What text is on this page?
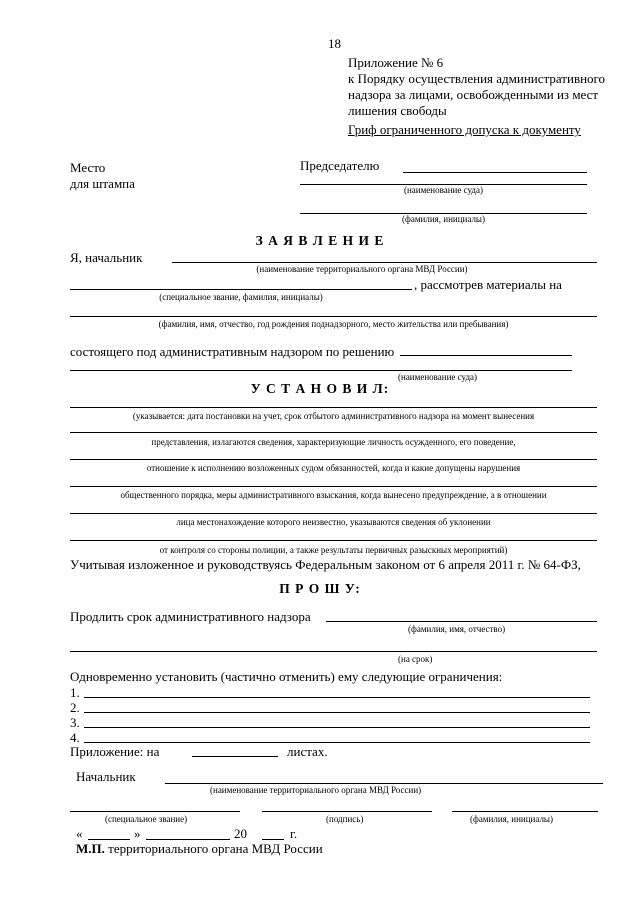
18
Приложение № 6
к Порядку осуществления административного
надзора за лицами, освобожденными из мест
лишения свободы
Гриф ограниченного допуска к документу
Место
для штампа
Председателю
(наименование суда)
(фамилия, инициалы)
З А Я В Л Е Н И Е
Я, начальник
(наименование территориального органа МВД России)
, рассмотрев материалы на
(специальное звание, фамилия, инициалы)
(фамилия, имя, отчество, год рождения поднадзорного, место жительства или пребывания)
состоящего под административным надзором по решению
(наименование суда)
У С Т А Н О В И Л:
(указывается: дата постановки на учет, срок отбытого административного надзора на момент вынесения
представления, излагаются сведения, характеризующие личность осужденного, его поведение,
отношение к исполнению возложенных судом обязанностей, когда и какие допущены нарушения
общественного порядка, меры административного взыскания, когда вынесено предупреждение, а в отношении
лица местонахождение которого неизвестно, указываются сведения об уклонении
от контроля со стороны полиции, а также результаты первичных разыскных мероприятий)
Учитывая изложенное и руководствуясь Федеральным законом от 6 апреля 2011 г. № 64-ФЗ,
П Р О Ш У:
Продлить срок административного надзора
(фамилия, имя, отчество)
(на срок)
Одновременно установить (частично отменить) ему следующие ограничения:
1.
2.
3.
4.
Приложение: на	листах.
Начальник
(наименование территориального органа МВД России)
(специальное звание)	(подпись)	(фамилия, инициалы)
«	»	20	г.
М.П. территориального органа МВД России
